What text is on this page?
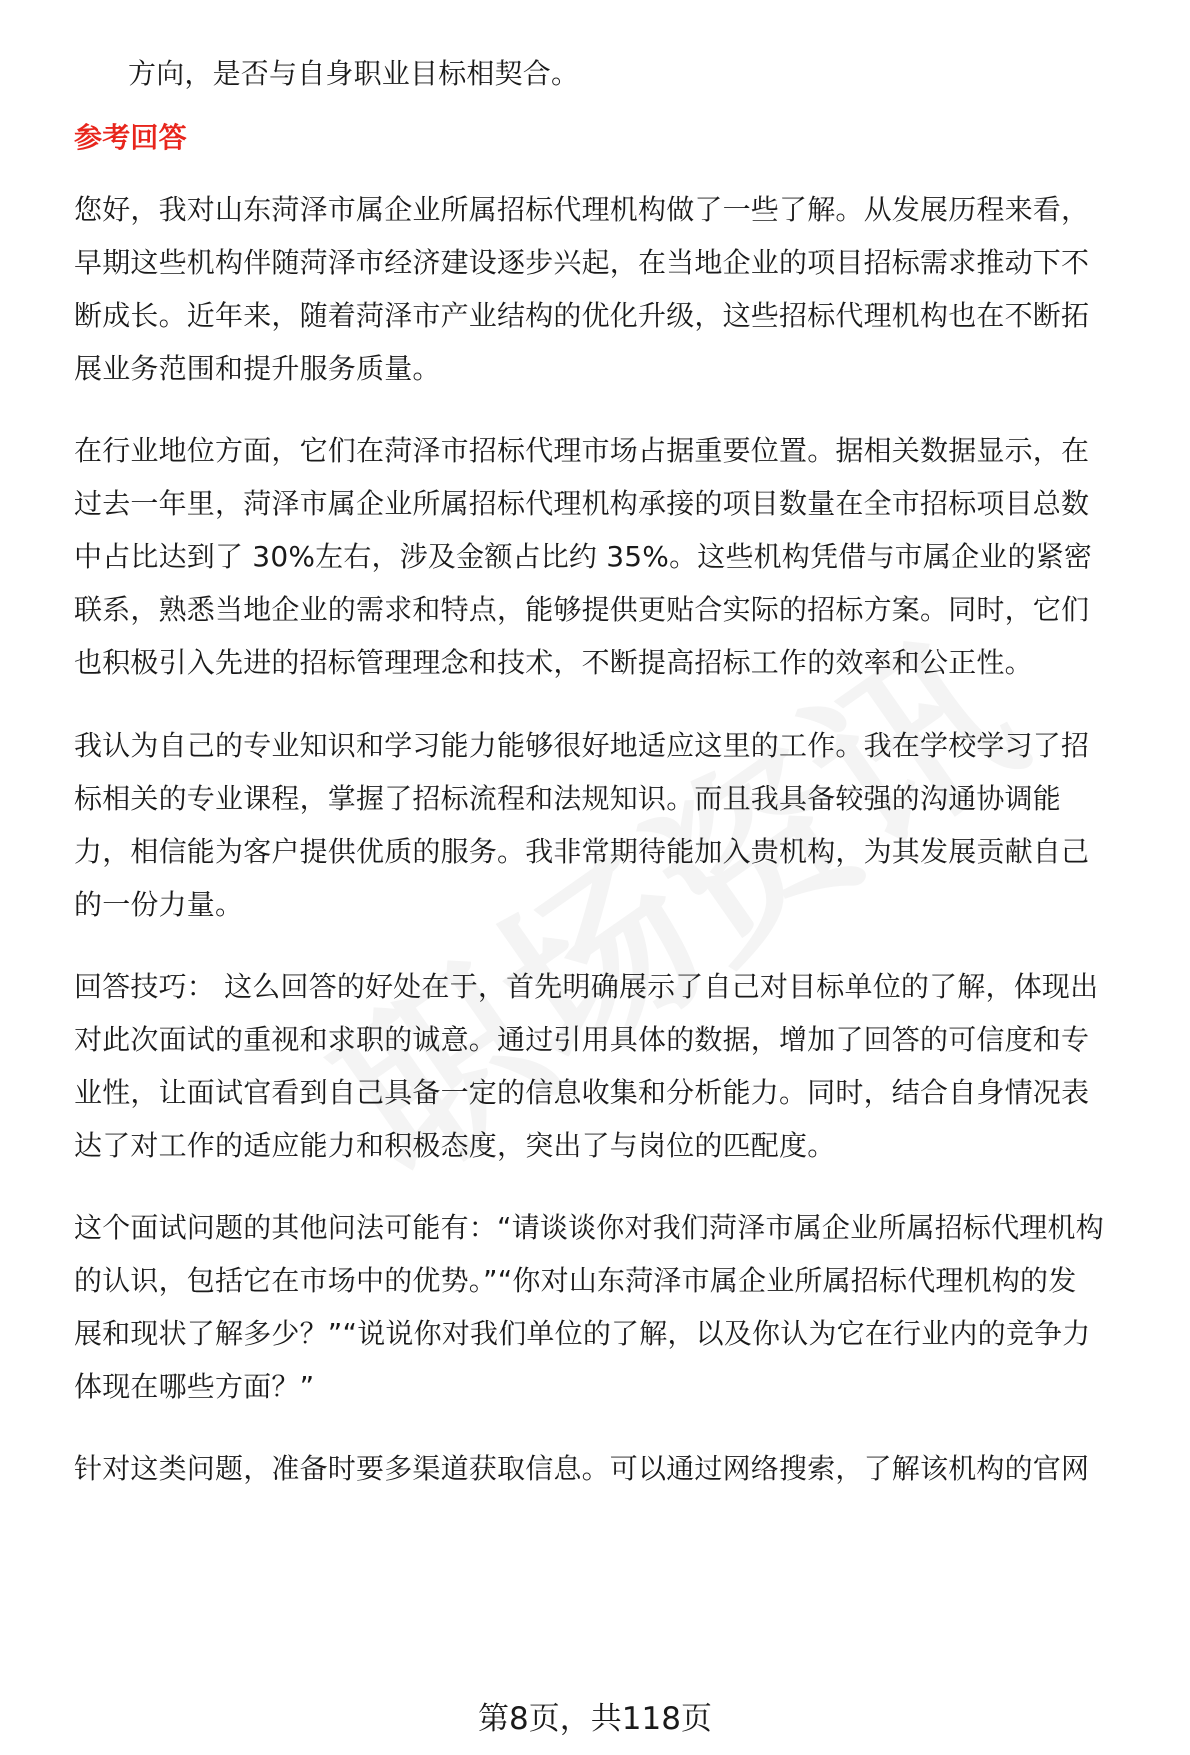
方向，是否与自身职业目标相契合。
参考回答
您好，我对山东菏泽市属企业所属招标代理机构做了一些了解。从发展历程来看，
早期这些机构伴随菏泽市经济建设逐步兴起，在当地企业的项目招标需求推动下不
断成长。近年来，随着菏泽市产业结构的优化升级，这些招标代理机构也在不断拓
展业务范围和提升服务质量。
在行业地位方面，它们在菏泽市招标代理市场占据重要位置。据相关数据显示，在
过去一年里，菏泽市属企业所属招标代理机构承接的项目数量在全市招标项目总数
中占比达到了 30%左右，涉及金额占比约 35%。这些机构凭借与市属企业的紧密
联系，熟悉当地企业的需求和特点，能够提供更贴合实际的招标方案。同时，它们
也积极引入先进的招标管理理念和技术，不断提高招标工作的效率和公正性。
我认为自己的专业知识和学习能力能够很好地适应这里的工作。我在学校学习了招
标相关的专业课程，掌握了招标流程和法规知识。而且我具备较强的沟通协调能
力，相信能为客户提供优质的服务。我非常期待能加入贵机构，为其发展贡献自己
的一份力量。
回答技巧： 这么回答的好处在于，首先明确展示了自己对目标单位的了解，体现出
对此次面试的重视和求职的诚意。通过引用具体的数据，增加了回答的可信度和专
业性，让面试官看到自己具备一定的信息收集和分析能力。同时，结合自身情况表
达了对工作的适应能力和积极态度，突出了与岗位的匹配度。
这个面试问题的其他问法可能有：“请谈谈你对我们菏泽市属企业所属招标代理机构
的认识，包括它在市场中的优势。”“你对山东菏泽市属企业所属招标代理机构的发
展和现状了解多少？”“说说你对我们单位的了解，以及你认为它在行业内的竞争力
体现在哪些方面？”
针对这类问题，准备时要多渠道获取信息。可以通过网络搜索，了解该机构的官网
第8页，共118页
